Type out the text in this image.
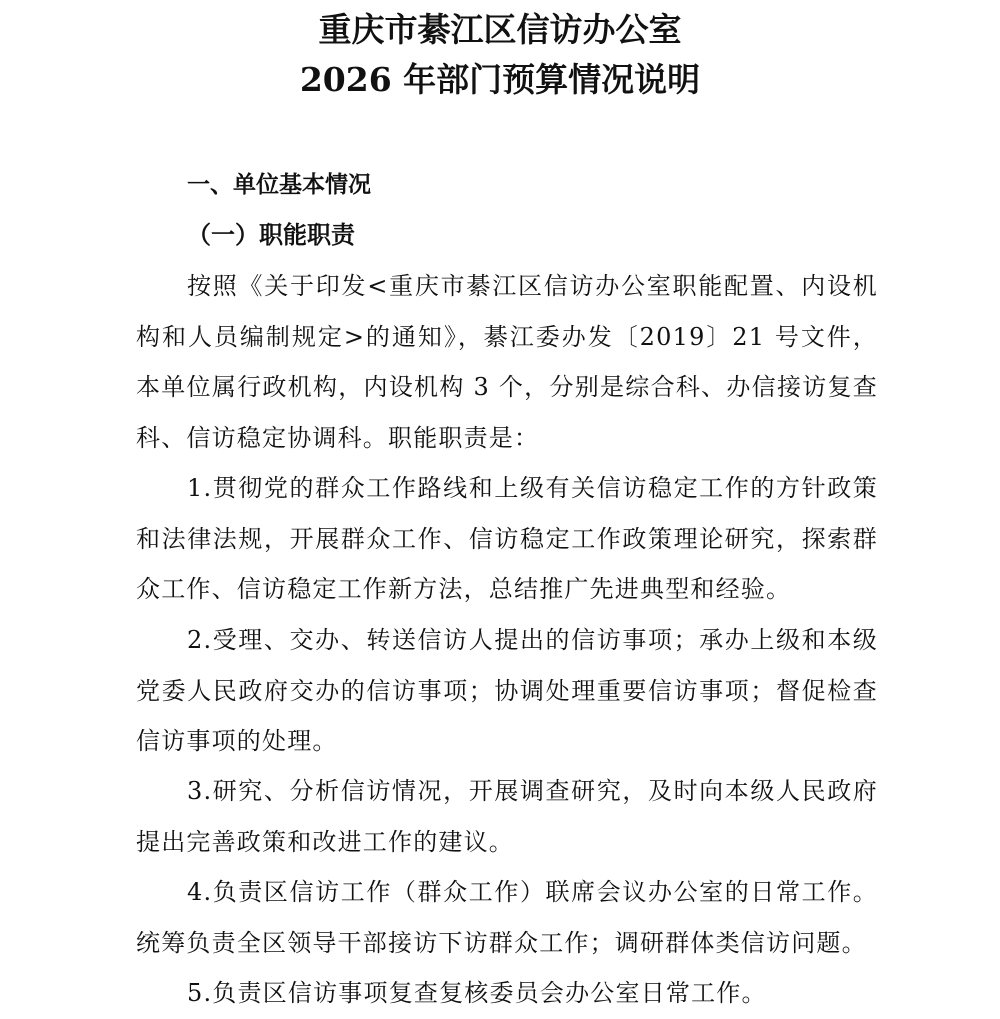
重庆市綦江区信访办公室
2026 年部门预算情况说明
一、单位基本情况
（一）职能职责

按照《关于印发<重庆市綦江区信访办公室职能配置、内设机构和人员编制规定>的通知》，綦江委办发〔2019〕21 号文件，本单位属行政机构，内设机构 3 个，分别是综合科、办信接访复查科、信访稳定协调科。职能职责是：

1.贯彻党的群众工作路线和上级有关信访稳定工作的方针政策和法律法规，开展群众工作、信访稳定工作政策理论研究，探索群众工作、信访稳定工作新方法，总结推广先进典型和经验。

2.受理、交办、转送信访人提出的信访事项；承办上级和本级党委人民政府交办的信访事项；协调处理重要信访事项；督促检查信访事项的处理。

3.研究、分析信访情况，开展调查研究，及时向本级人民政府提出完善政策和改进工作的建议。

4.负责区信访工作（群众工作）联席会议办公室的日常工作。统筹负责全区领导干部接访下访群众工作；调研群体类信访问题。

5.负责区信访事项复查复核委员会办公室日常工作。
